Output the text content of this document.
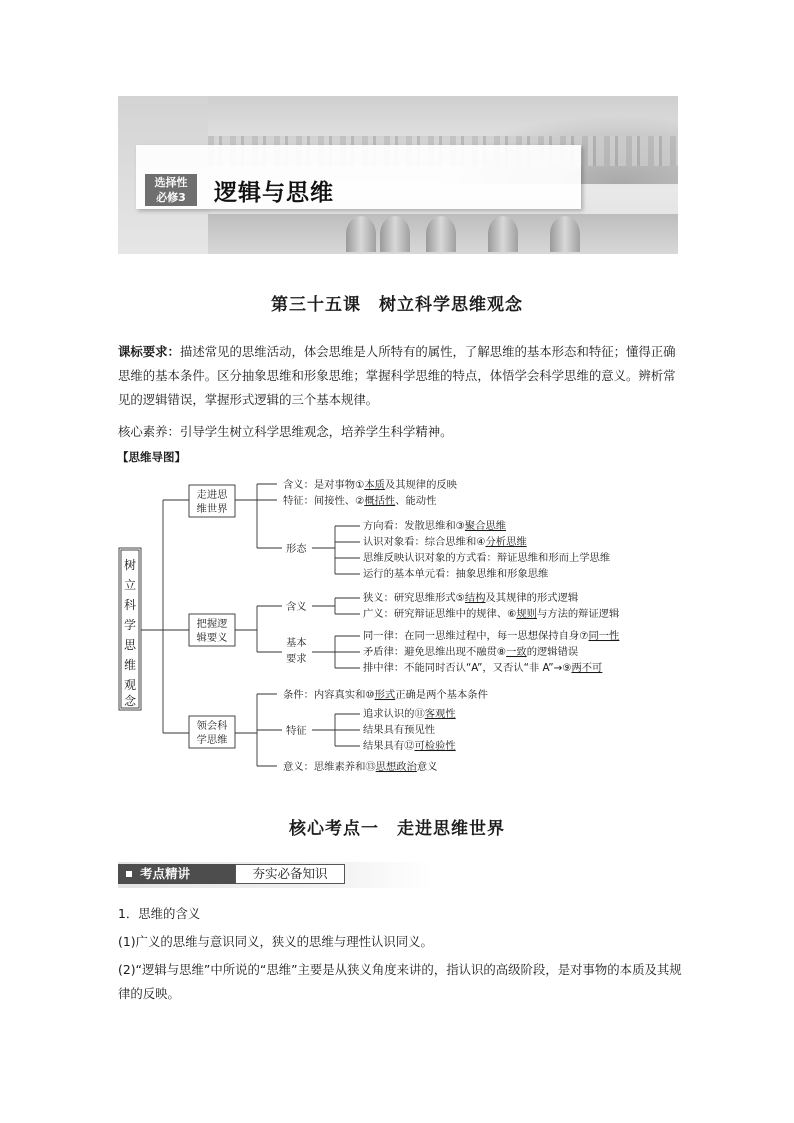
选择性
必修3	逻辑与思维
第三十五课　树立科学思维观念
课标要求：描述常见的思维活动，体会思维是人所特有的属性，了解思维的基本形态和特征；懂得正确思维的基本条件。区分抽象思维和形象思维；掌握科学思维的特点，体悟学会科学思维的意义。辨析常见的逻辑错误，掌握形式逻辑的三个基本规律。
核心素养：引导学生树立科学思维观念，培养学生科学精神。
【思维导图】
树
立
科
学
思
维
观
念
走进思
维世界
把握逻
辑要义
领会科
学思维
含义：是对事物①本质及其规律的反映
特征：间接性、②概括性、能动性
形态
方向看：发散思维和③聚合思维
认识对象看：综合思维和④分析思维
思维反映认识对象的方式看：辩证思维和形而上学思维
运行的基本单元看：抽象思维和形象思维
含义
狭义：研究思维形式⑤结构及其规律的形式逻辑
广义：研究辩证思维中的规律、⑥规则与方法的辩证逻辑
基本
要求
同一律：在同一思维过程中，每一思想保持自身⑦同一性
矛盾律：避免思维出现不融贯⑧一致的逻辑错误
排中律：不能同时否认“A”，又否认“非 A”→⑨两不可
条件：内容真实和⑩形式正确是两个基本条件
特征
追求认识的⑪客观性
结果具有预见性
结果具有⑫可检验性
意义：思维素养和⑬思想政治意义
核心考点一　走进思维世界
考点精讲	夯实必备知识
1．思维的含义
(1)广义的思维与意识同义，狭义的思维与理性认识同义。
(2)“逻辑与思维”中所说的“思维”主要是从狭义角度来讲的，指认识的高级阶段，是对事物的本质及其规律的反映。
